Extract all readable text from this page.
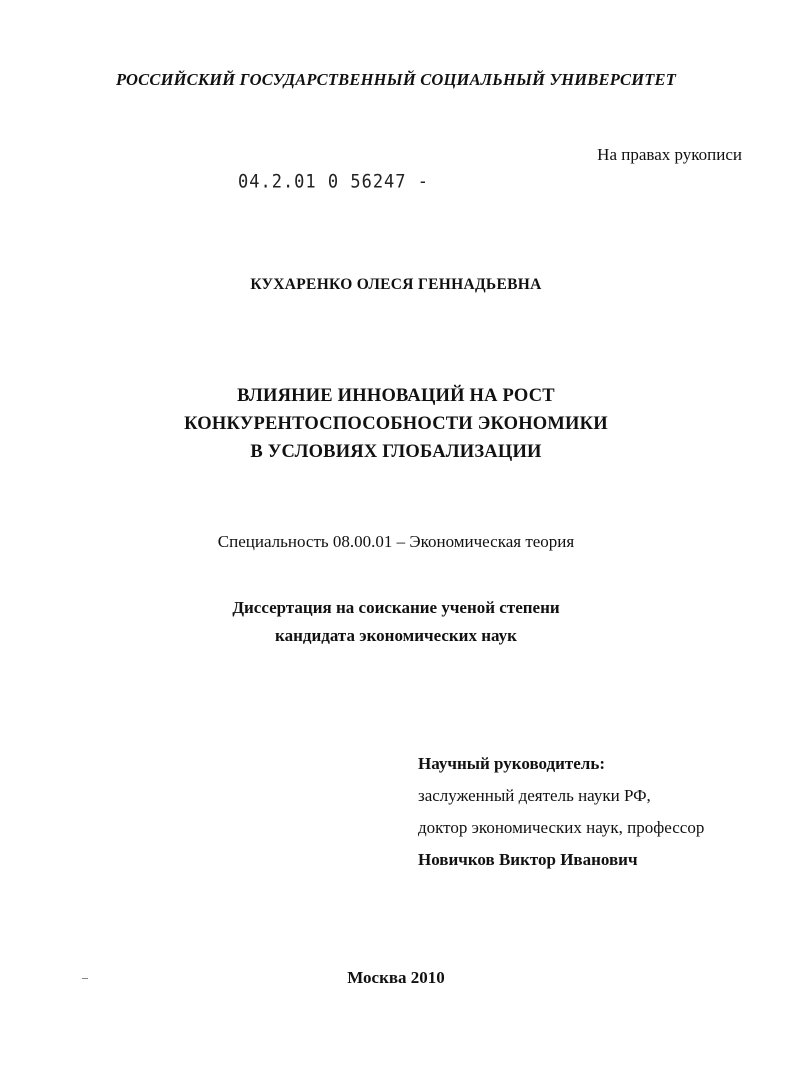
РОССИЙСКИЙ ГОСУДАРСТВЕННЫЙ СОЦИАЛЬНЫЙ УНИВЕРСИТЕТ
На правах рукописи
04.2.01 0 56247 -
КУХАРЕНКО ОЛЕСЯ ГЕННАДЬЕВНА
ВЛИЯНИЕ ИННОВАЦИЙ НА РОСТ
КОНКУРЕНТОСПОСОБНОСТИ ЭКОНОМИКИ
В УСЛОВИЯХ ГЛОБАЛИЗАЦИИ
Специальность 08.00.01 – Экономическая теория
Диссертация на соискание ученой степени
кандидата экономических наук
Научный руководитель:
заслуженный деятель науки РФ,
доктор экономических наук, профессор
Новичков Виктор Иванович
Москва 2010
